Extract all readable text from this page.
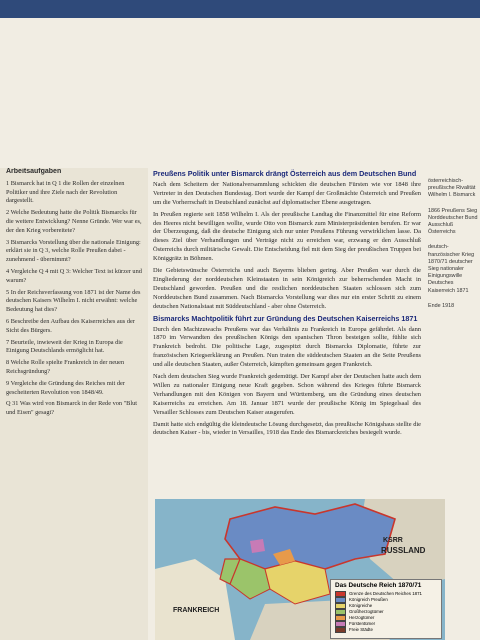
Arbeitsaufgaben

1 Bismarck hat in Q 1 die Rollen der einzelnen Politiker und ihre Ziele nach der Revolution dargestellt.

2 Welche Bedeutung hatte die Politik Bismarcks für die weitere Entwicklung? Nenne Gründe. Wer war es, der den Krieg vorbereitete?

3 Bismarcks Vorstellung über die nationale Einigung: erklärt sie in Q 3, welche Rolle Preußen dabei - zunehmend - übernimmt?

4 Vergleiche Q 4 mit Q 3: Welcher Text ist kürzer und warum?

5 In der Reichsverfassung von 1871 ist der Name des deutschen Kaisers Wilhelm I. nicht erwähnt: welche Bedeutung hat dies?

6 Beschreibe den Aufbau des Kaiserreiches aus der Sicht des Bürgers.

7 Beurteile, inwieweit der Krieg in Europa die Einigung Deutschlands ermöglicht hat.

8 Welche Rolle spielte Frankreich in der neuen Reichsgründung?

9 Vergleiche die Gründung des Reiches mit der gescheiterten Revolution von 1848/49.

Q 31 Was wird von Bismarck in der Rede von "Blut und Eisen" gesagt?

Preußens Politik unter Bismarck drängt Österreich aus dem Deutschen Bund

Nach dem Scheitern der Nationalversammlung schickten die deutschen Fürsten wie vor 1848 ihre Vertreter in den Deutschen Bundestag. Dort wurde der Kampf der Großmächte Österreich und Preußen um die Vorherrschaft in Deutschland zunächst auf diplomatischer Ebene ausgetragen.

In Preußen regierte seit 1858 Wilhelm I. Als der preußische Landtag die Finanzmittel für eine Reform des Heeres nicht bewilligen wollte, wurde Otto von Bismarck zum Ministerpräsidenten berufen. Er war der Überzeugung, daß die deutsche Einigung sich nur unter Preußens Führung verwirklichen lasse. Da dieses Ziel über Verhandlungen und Verträge nicht zu erreichen war, erzwang er den Ausschluß Österreichs durch militärische Gewalt. Die Entscheidung fiel mit dem Sieg der preußischen Truppen bei Königgrätz in Böhmen.

Die Gebietswünsche Österreichs und auch Bayerns blieben gering. Aber Preußen war durch die Eingliederung der norddeutschen Kleinstaaten in sein Königreich zur beherrschenden Macht in Deutschland geworden. Preußen und die restlichen norddeutschen Staaten schlossen sich zum Norddeutschen Bund zusammen. Nach Bismarcks Vorstellung war dies nur ein erster Schritt zu einem deutschen Nationalstaat mit Süddeutschland - aber ohne Österreich.

Bismarcks Machtpolitik führt zur Gründung des Deutschen Kaiserreichs 1871

Durch den Machtzuwachs Preußens war das Verhältnis zu Frankreich in Europa gefährdet. Als dann 1870 im Verwandten des preußischen Königs den spanischen Thron besteigen sollte, fühlte sich Frankreich bedroht. Die politische Lage, zugespitzt durch Bismarcks Diplomatie, führte zur französischen Kriegserklärung an Preußen. Nun traten die süddeutschen Staaten an die Seite Preußens und alle deutschen Staaten, außer Österreich, kämpften gemeinsam gegen Frankreich.

Nach dem deutschen Sieg wurde Frankreich gedemütigt. Der Kampf aber der Deutschen hatte auch dem Willen zu nationaler Einigung neue Kraft gegeben. Schon während des Krieges führte Bismarck Verhandlungen mit den Königen von Bayern und Württemberg, um die Gründung eines deutschen Kaiserreichs zu erreichen. Am 18. Januar 1871 wurde der preußische König im Spiegelsaal des Versailler Schlosses zum Deutschen Kaiser ausgerufen.

Damit hatte sich endgültig die kleindeutsche Lösung durchgesetzt, das preußische Königshaus stellte die deutschen Kaiser - bis, wieder in Versailles, 1918 das Ende des Bismarckreiches besiegelt wurde.

österreichisch-preußische Rivalität Wilhelm I. Bismarck
1866 Preußens Sieg Norddeutscher Bund Ausschluß Österreichs
deutsch-französischer Krieg 1870/71 deutscher Sieg nationaler Einigungswille Deutsches Kaiserreich 1871
Ende 1918
KSRR
RUSSLAND
FRANKREICH
Das Deutsche Reich 1870/71
Grenze des Deutschen Reiches 1871
Königreich Preußen
Königreiche
Großherzogtümer
Herzogtümer
Fürstentümer
Freie Städte
